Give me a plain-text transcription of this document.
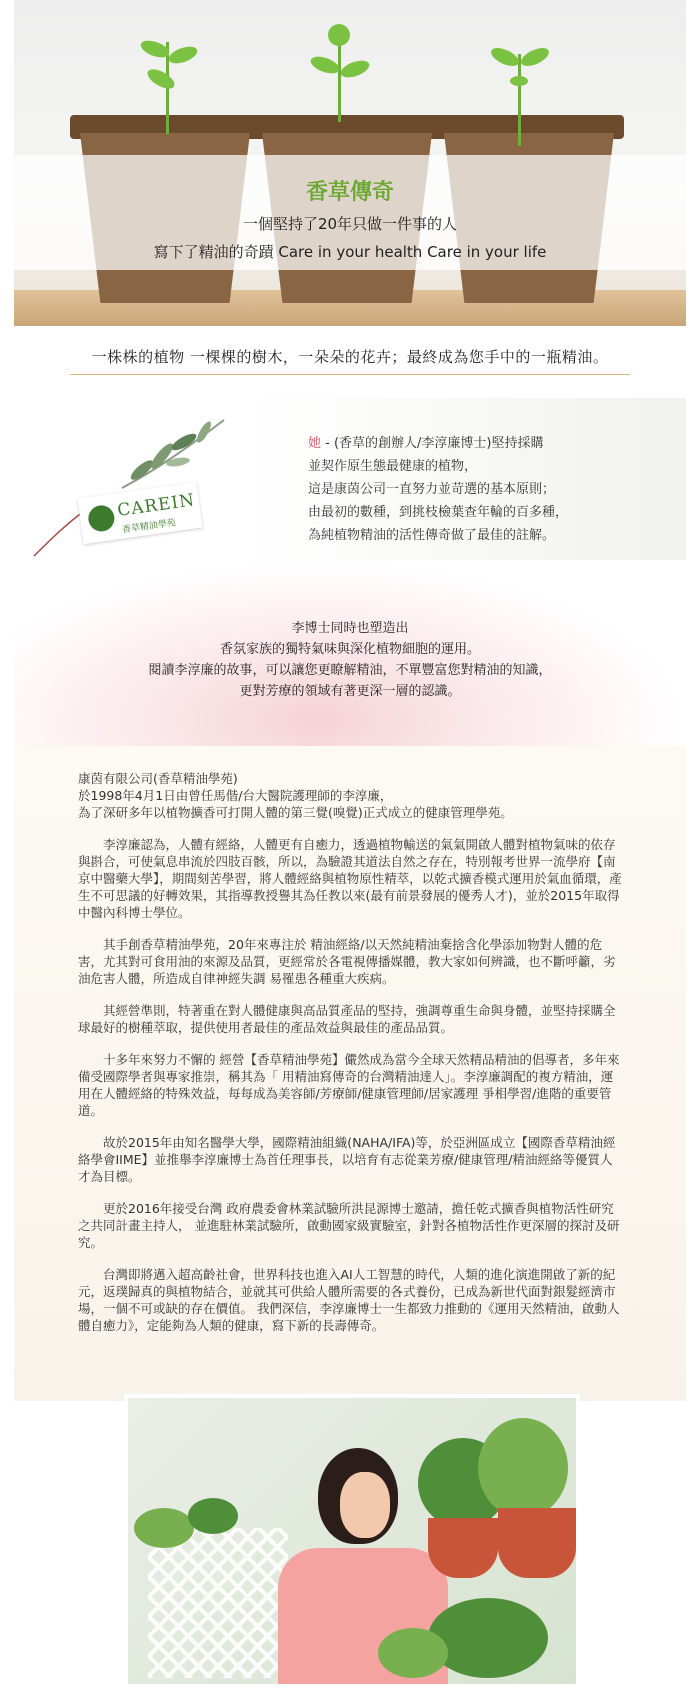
香草傳奇
一個堅持了20年只做一件事的人
寫下了精油的奇蹟 Care in your health Care in your life
一株株的植物 一棵棵的樹木，一朵朵的花卉；最終成為您手中的一瓶精油。
CAREIN
香草精油學苑
她 - (香草的創辦人/李淳廉博士)堅持採購
並契作原生態最健康的植物，
這是康茵公司一直努力並苛選的基本原則；
由最初的數種，到挑枝檢葉查年輪的百多種，
為純植物精油的活性傳奇做了最佳的註解。
李博士同時也塑造出
香氛家族的獨特氣味與深化植物細胞的運用。
閱讀李淳廉的故事，可以讓您更瞭解精油，不單豐富您對精油的知識，
更對芳療的領域有著更深一層的認識。

康茵有限公司(香草精油學苑)
於1998年4月1日由曾任馬偕/台大醫院護理師的李淳廉，
為了深研多年以植物擴香可打開人體的第三覺(嗅覺)正式成立的健康管理學苑。

李淳廉認為，人體有經絡，人體更有自癒力，透過植物輸送的氣氣開啟人體對植物氣味的依存與斟合，可使氣息串流於四肢百骸，所以，為驗證其道法自然之存在，特別報考世界一流學府【南京中醫藥大學】，期間刻苦學習，將人體經絡與植物原性精萃，以乾式擴香模式運用於氣血循環，產生不可思議的好轉效果，其指導教授譽其為任教以來(最有前景發展的優秀人才)，並於2015年取得中醫內科博士學位。

其手創香草精油學苑，20年來專注於 精油經絡/以天然純精油棄捨含化學添加物對人體的危害，尤其對可食用油的來源及品質，更經常於各電視傳播媒體，教大家如何辨識，也不斷呼籲，劣油危害人體，所造成自律神經失調 易罹患各種重大疾病。

其經營準則，特著重在對人體健康與高品質產品的堅持，強調尊重生命與身體，並堅持採購全球最好的樹種萃取，提供使用者最佳的產品效益與最佳的產品品質。

十多年來努力不懈的 經營【香草精油學苑】儼然成為當今全球天然精品精油的倡導者，多年來備受國際學者與專家推崇，稱其為「 用精油寫傳奇的台灣精油達人」。李淳廉調配的複方精油，運用在人體經絡的特殊效益，每每成為美容師/芳療師/健康管理師/居家護理 爭相學習/進階的重要管道。

故於2015年由知名醫學大學，國際精油組織(NAHA/IFA)等，於亞洲區成立【國際香草精油經絡學會IIME】並推舉李淳廉博士為首任理事長，以培育有志從業芳療/健康管理/精油經絡等優質人才為目標。

更於2016年接受台灣 政府農委會林業試驗所洪昆源博士邀請，擔任乾式擴香與植物活性研究之共同計畫主持人， 並進駐林業試驗所，啟動國家級實驗室，針對各植物活性作更深層的探討及研究。

台灣即將邁入超高齡社會，世界科技也進入AI人工智慧的時代，人類的進化演進開啟了新的紀元，返璞歸真的與植物結合，並就其可供給人體所需要的各式養份，已成為新世代面對銀髮經濟市場，一個不可或缺的存在價值。 我們深信，李淳廉博士一生都致力推動的《運用天然精油，啟動人體自癒力》，定能夠為人類的健康，寫下新的長壽傳奇。
